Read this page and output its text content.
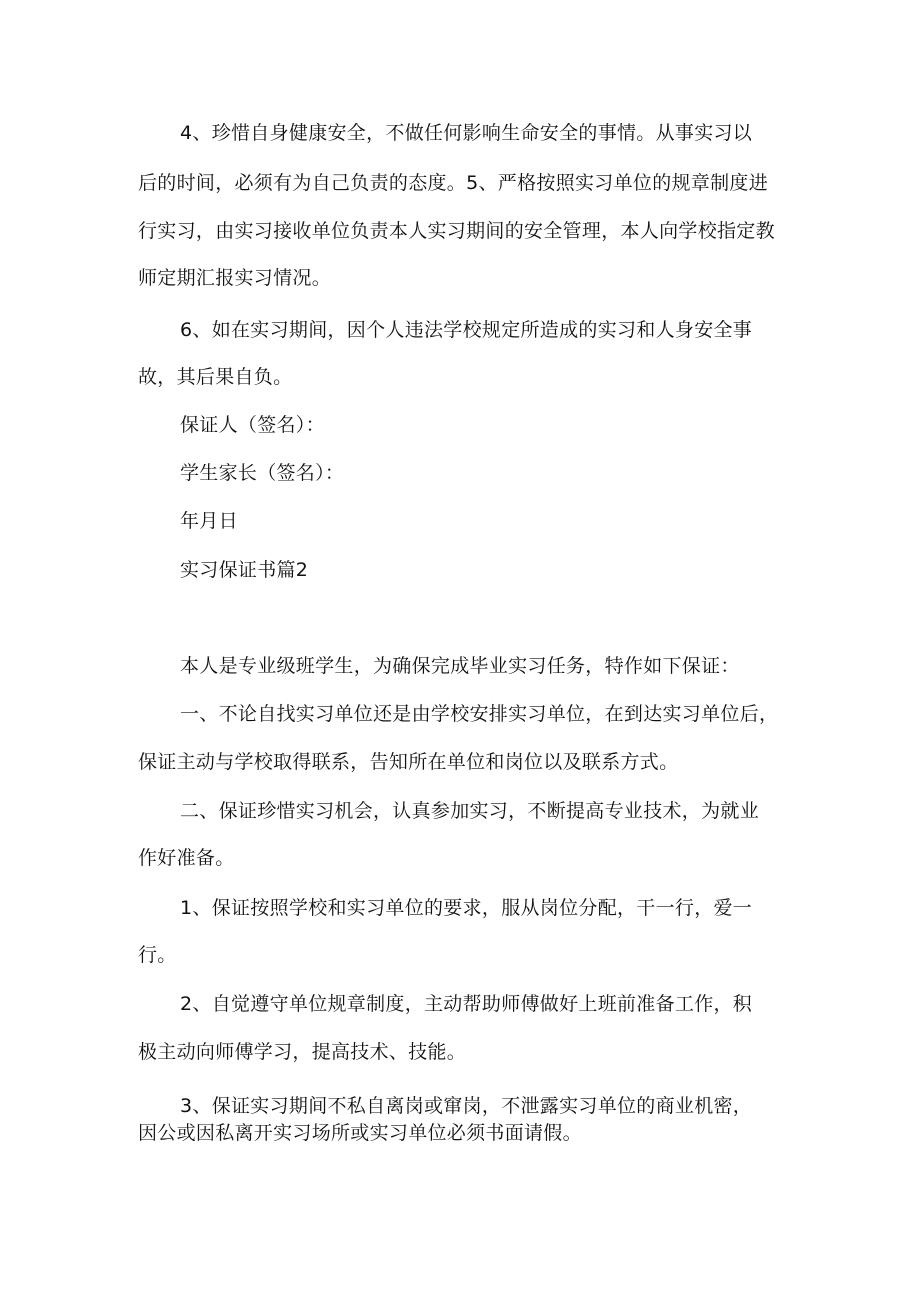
4、珍惜自身健康安全，不做任何影响生命安全的事情。从事实习以

后的时间，必须有为自己负责的态度。5、严格按照实习单位的规章制度进

行实习，由实习接收单位负责本人实习期间的安全管理，本人向学校指定教

师定期汇报实习情况。

6、如在实习期间，因个人违法学校规定所造成的实习和人身安全事

故，其后果自负。

保证人（签名）：

学生家长（签名）：

年月日

实习保证书篇2

本人是专业级班学生，为确保完成毕业实习任务，特作如下保证：

一、不论自找实习单位还是由学校安排实习单位，在到达实习单位后，

保证主动与学校取得联系，告知所在单位和岗位以及联系方式。

二、保证珍惜实习机会，认真参加实习，不断提高专业技术，为就业

作好准备。

1、保证按照学校和实习单位的要求，服从岗位分配，干一行，爱一

行。

2、自觉遵守单位规章制度，主动帮助师傅做好上班前准备工作，积

极主动向师傅学习，提高技术、技能。

3、保证实习期间不私自离岗或窜岗，不泄露实习单位的商业机密，

因公或因私离开实习场所或实习单位必须书面请假。
